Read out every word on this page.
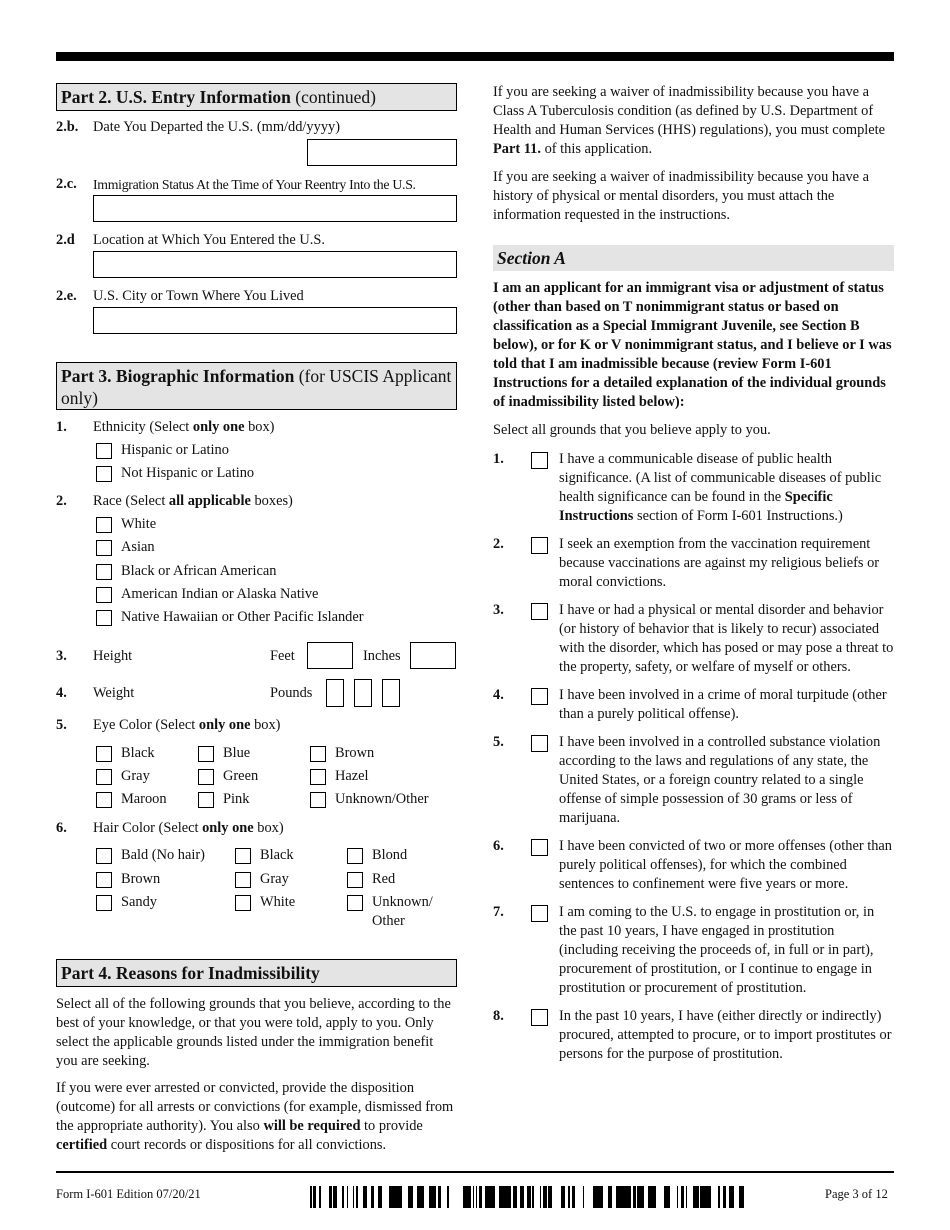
Part 2. U.S. Entry Information (continued)
2.b. Date You Departed the U.S. (mm/dd/yyyy)
2.c. Immigration Status At the Time of Your Reentry Into the U.S.
2.d Location at Which You Entered the U.S.
2.e. U.S. City or Town Where You Lived
Part 3. Biographic Information (for USCIS Applicant only)
1. Ethnicity (Select only one box)
Hispanic or Latino
Not Hispanic or Latino
2. Race (Select all applicable boxes)
White
Asian
Black or African American
American Indian or Alaska Native
Native Hawaiian or Other Pacific Islander
3. Height	Feet	Inches
4. Weight	Pounds
5. Eye Color (Select only one box)
Black	Blue	Brown
Gray	Green	Hazel
Maroon	Pink	Unknown/Other
6. Hair Color (Select only one box)
Bald (No hair)	Black	Blond
Brown	Gray	Red
Sandy	White	Unknown/
Other
Part 4. Reasons for Inadmissibility

Select all of the following grounds that you believe, according to the best of your knowledge, or that you were told, apply to you. Only select the applicable grounds listed under the immigration benefit you are seeking.

If you were ever arrested or convicted, provide the disposition (outcome) for all arrests or convictions (for example, dismissed from the appropriate authority). You also will be required to provide certified court records or dispositions for all convictions.

If you are seeking a waiver of inadmissibility because you have a Class A Tuberculosis condition (as defined by U.S. Department of Health and Human Services (HHS) regulations), you must complete Part 11. of this application.

If you are seeking a waiver of inadmissibility because you have a history of physical or mental disorders, you must attach the information requested in the instructions.

Section A

I am an applicant for an immigrant visa or adjustment of status (other than based on T nonimmigrant status or based on classification as a Special Immigrant Juvenile, see Section B below), or for K or V nonimmigrant status, and I believe or I was told that I am inadmissible because (review Form I-601 Instructions for a detailed explanation of the individual grounds of inadmissibility listed below):

Select all grounds that you believe apply to you.

1.	I have a communicable disease of public health significance. (A list of communicable diseases of public health significance can be found in the Specific Instructions section of Form I-601 Instructions.)
2.	I seek an exemption from the vaccination requirement because vaccinations are against my religious beliefs or moral convictions.
3.	I have or had a physical or mental disorder and behavior (or history of behavior that is likely to recur) associated with the disorder, which has posed or may pose a threat to the property, safety, or welfare of myself or others.
4.	I have been involved in a crime of moral turpitude (other than a purely political offense).
5.	I have been involved in a controlled substance violation according to the laws and regulations of any state, the United States, or a foreign country related to a single offense of simple possession of 30 grams or less of marijuana.
6.	I have been convicted of two or more offenses (other than purely political offenses), for which the combined sentences to confinement were five years or more.
7.	I am coming to the U.S. to engage in prostitution or, in the past 10 years, I have engaged in prostitution (including receiving the proceeds of, in full or in part), procurement of prostitution, or I continue to engage in prostitution or procurement of prostitution.
8.	In the past 10 years, I have (either directly or indirectly) procured, attempted to procure, or to import prostitutes or persons for the purpose of prostitution.
Form I-601 Edition 07/20/21	Page 3 of 12
